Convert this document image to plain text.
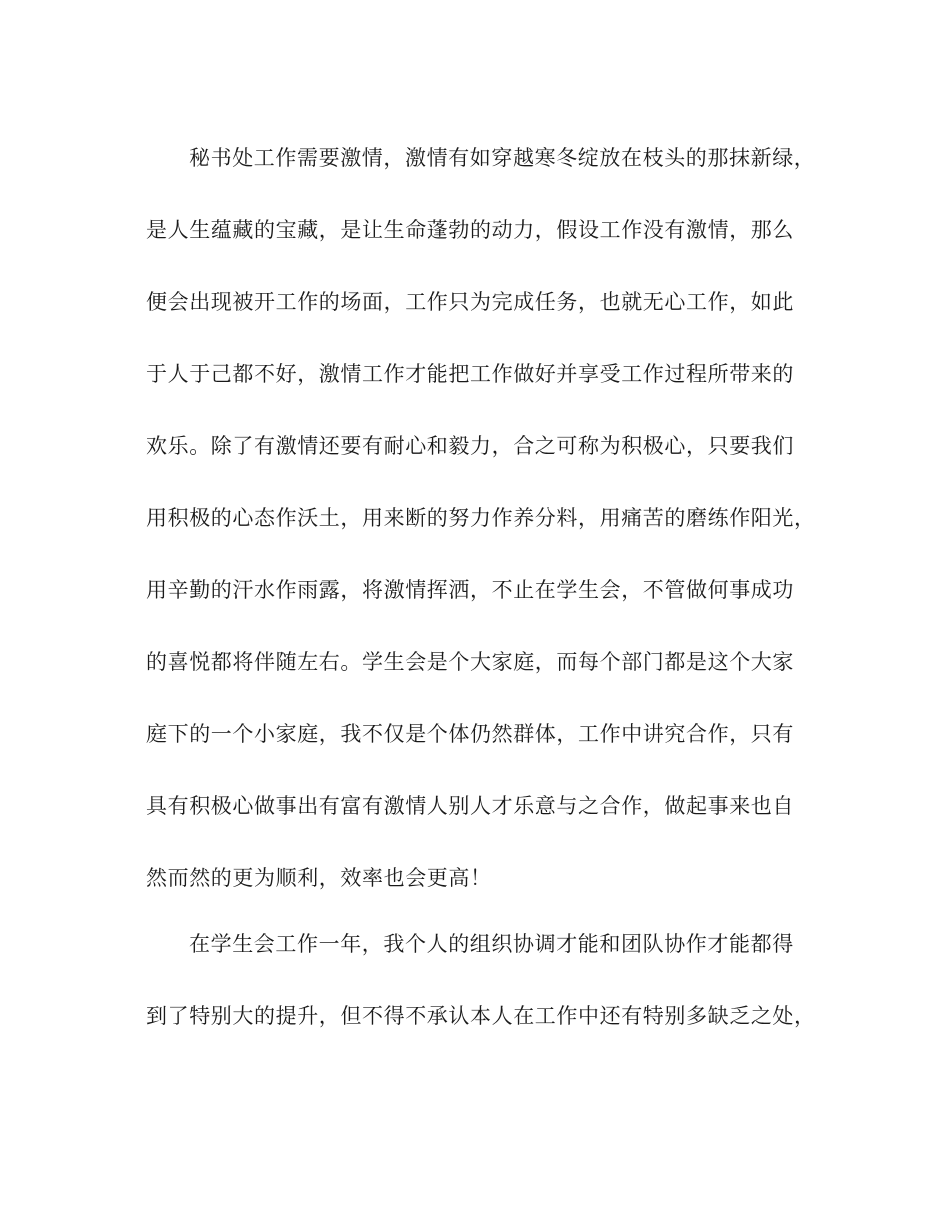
秘书处工作需要激情，激情有如穿越寒冬绽放在枝头的那抹新绿，
是人生蕴藏的宝藏，是让生命蓬勃的动力，假设工作没有激情，那么
便会出现被开工作的场面，工作只为完成任务，也就无心工作，如此
于人于己都不好，激情工作才能把工作做好并享受工作过程所带来的
欢乐。除了有激情还要有耐心和毅力，合之可称为积极心，只要我们
用积极的心态作沃土，用来断的努力作养分料，用痛苦的磨练作阳光，
用辛勤的汗水作雨露，将激情挥洒，不止在学生会，不管做何事成功
的喜悦都将伴随左右。学生会是个大家庭，而每个部门都是这个大家
庭下的一个小家庭，我不仅是个体仍然群体，工作中讲究合作，只有
具有积极心做事出有富有激情人别人才乐意与之合作，做起事来也自
然而然的更为顺利，效率也会更高！
在学生会工作一年，我个人的组织协调才能和团队协作才能都得
到了特别大的提升，但不得不承认本人在工作中还有特别多缺乏之处，
